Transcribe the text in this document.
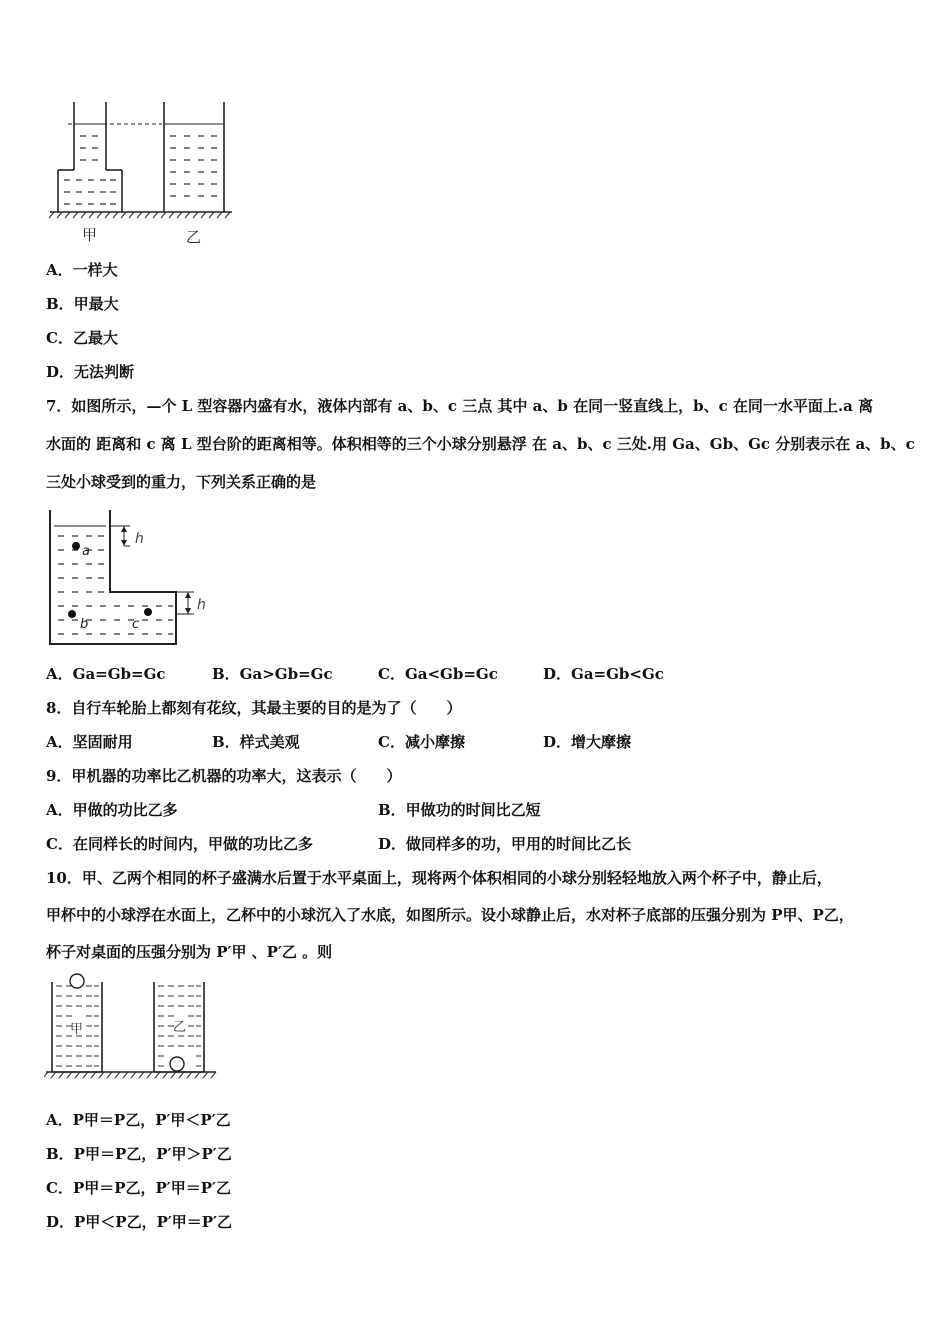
甲	乙
A．一样大
B．甲最大
C．乙最大
D．无法判断
7．如图所示，—个 L 型容器内盛有水，液体内部有 a、b、c 三点 其中 a、b 在同一竖直线上，b、c 在同一水平面上.a 离
水面的 距离和 c 离 L 型台阶的距离相等。体积相等的三个小球分别悬浮 在 a、b、c 三处.用 Ga、Gb、Gc 分别表示在 a、b、c
三处小球受到的重力，下列关系正确的是
a
b	c
h
h
A．Ga=Gb=Gc	B．Ga>Gb=Gc	C．Ga<Gb=Gc	D．Ga=Gb<Gc
8．自行车轮胎上都刻有花纹，其最主要的目的是为了（　　）
A．坚固耐用	B．样式美观	C．减小摩擦	D．增大摩擦
9．甲机器的功率比乙机器的功率大，这表示（　　）
A．甲做的功比乙多	B．甲做功的时间比乙短
C．在同样长的时间内，甲做的功比乙多	D．做同样多的功，甲用的时间比乙长
10．甲、乙两个相同的杯子盛满水后置于水平桌面上，现将两个体积相同的小球分别轻轻地放入两个杯子中，静止后，
甲杯中的小球浮在水面上，乙杯中的小球沉入了水底，如图所示。设小球静止后，水对杯子底部的压强分别为 P甲、P乙，
杯子对桌面的压强分别为 P′甲 、P′乙 。则
甲	乙
A．P甲＝P乙，P′甲＜P′乙
B．P甲＝P乙，P′甲＞P′乙
C．P甲＝P乙，P′甲＝P′乙
D．P甲＜P乙，P′甲＝P′乙
